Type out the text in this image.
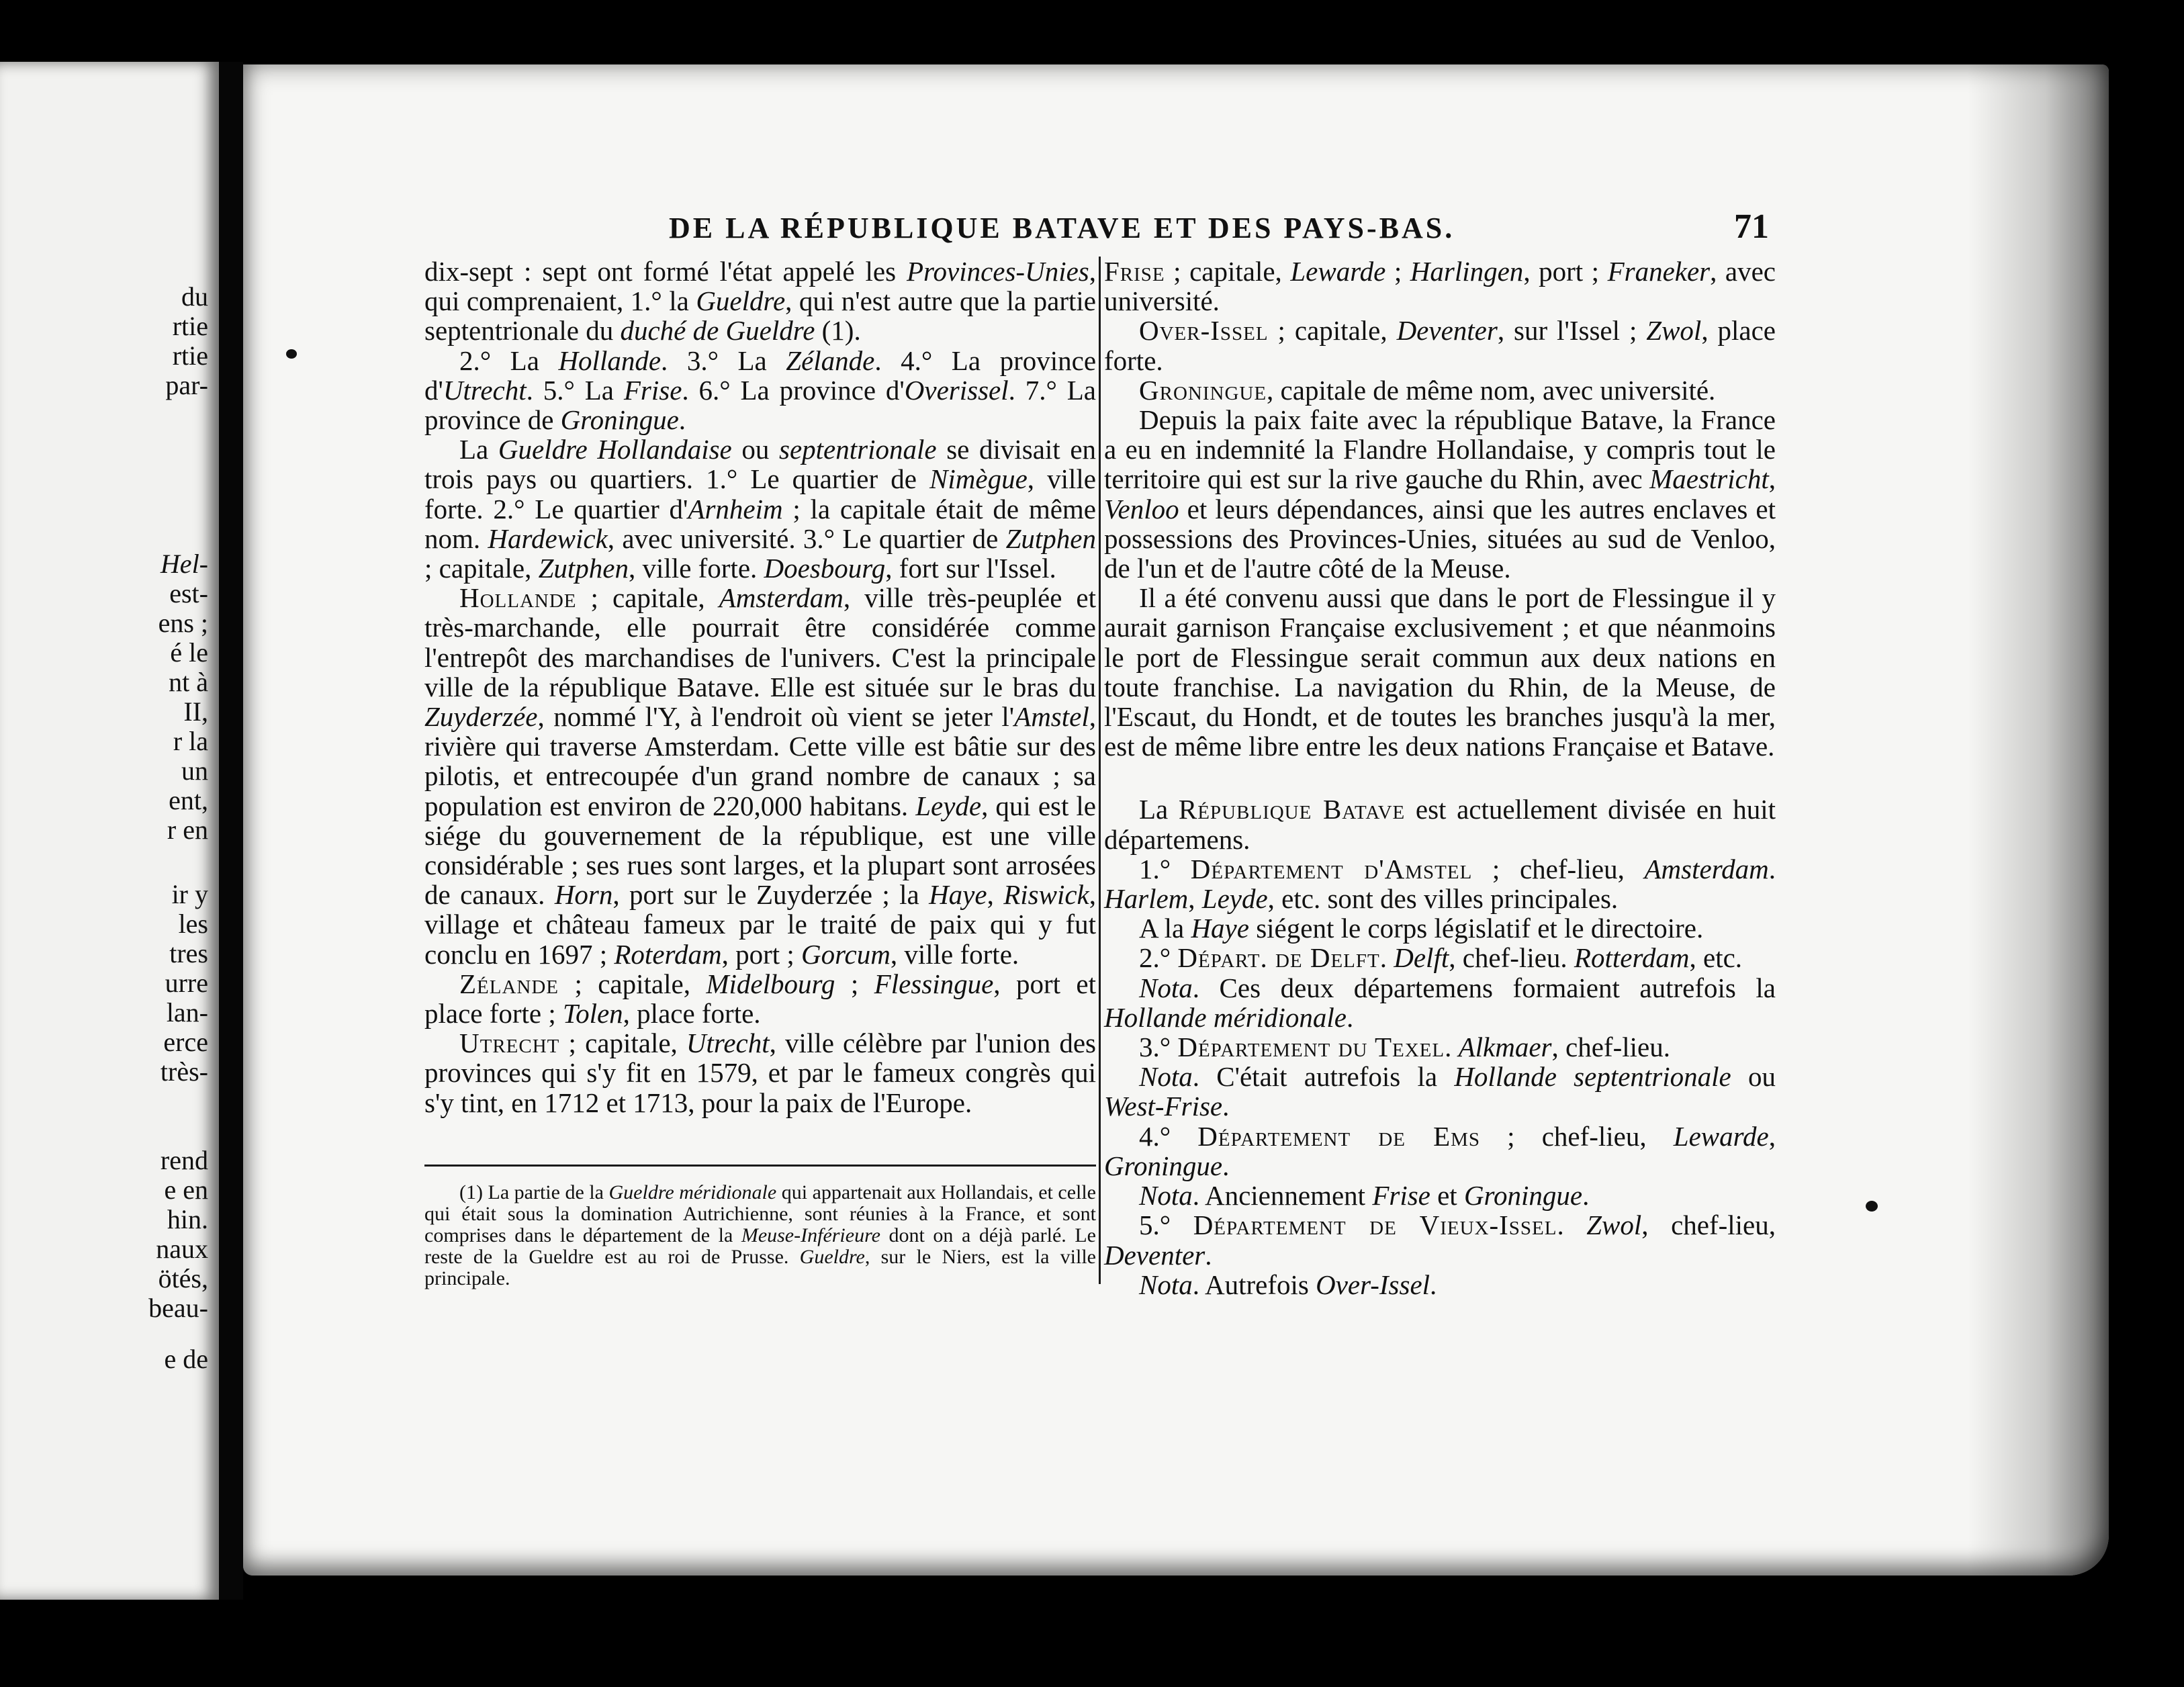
du
rtie
rtie
par-
Hel-
est-
ens ;
é le
nt à
II,
r la
un
ent,
r en
ir y
les
tres
urre
lan-
erce
très-
rend
e en
hin.
naux
ötés,
beau-
e de
DE LA RÉPUBLIQUE BATAVE ET DES PAYS-BAS.	71

dix-sept : sept ont formé l'état appelé les Provinces-Unies, qui comprenaient, 1.° la Gueldre, qui n'est autre que la partie septentrionale du duché de Gueldre (1).

2.° La Hollande. 3.° La Zélande. 4.° La province d'Utrecht. 5.° La Frise. 6.° La province d'Overissel. 7.° La province de Groningue.

La Gueldre Hollandaise ou septentrionale se divisait en trois pays ou quartiers. 1.° Le quartier de Nimègue, ville forte. 2.° Le quartier d'Arnheim ; la capitale était de même nom. Hardewick, avec université. 3.° Le quartier de Zutphen ; capitale, Zutphen, ville forte. Doesbourg, fort sur l'Issel.

Hollande ; capitale, Amsterdam, ville très-peuplée et très-marchande, elle pourrait être considérée comme l'entrepôt des marchandises de l'univers. C'est la principale ville de la république Batave. Elle est située sur le bras du Zuyderzée, nommé l'Y, à l'endroit où vient se jeter l'Amstel, rivière qui traverse Amsterdam. Cette ville est bâtie sur des pilotis, et entrecoupée d'un grand nombre de canaux ; sa population est environ de 220,000 habitans. Leyde, qui est le siége du gouvernement de la république, est une ville considérable ; ses rues sont larges, et la plupart sont arrosées de canaux. Horn, port sur le Zuyderzée ; la Haye, Riswick, village et château fameux par le traité de paix qui y fut conclu en 1697 ; Roterdam, port ; Gorcum, ville forte.

Zélande ; capitale, Midelbourg ; Flessingue, port et place forte ; Tolen, place forte.

Utrecht ; capitale, Utrecht, ville célèbre par l'union des provinces qui s'y fit en 1579, et par le fameux congrès qui s'y tint, en 1712 et 1713, pour la paix de l'Europe.

(1) La partie de la Gueldre méridionale qui appartenait aux Hollandais, et celle qui était sous la domination Autrichienne, sont réunies à la France, et sont comprises dans le département de la Meuse-Inférieure dont on a déjà parlé. Le reste de la Gueldre est au roi de Prusse. Gueldre, sur le Niers, est la ville principale.

Frise ; capitale, Lewarde ; Harlingen, port ; Franeker, avec université.

Over-Issel ; capitale, Deventer, sur l'Issel ; Zwol, place forte.

Groningue, capitale de même nom, avec université.

Depuis la paix faite avec la république Batave, la France a eu en indemnité la Flandre Hollandaise, y compris tout le territoire qui est sur la rive gauche du Rhin, avec Maestricht, Venloo et leurs dépendances, ainsi que les autres enclaves et possessions des Provinces-Unies, situées au sud de Venloo, de l'un et de l'autre côté de la Meuse.

Il a été convenu aussi que dans le port de Flessingue il y aurait garnison Française exclusivement ; et que néanmoins le port de Flessingue serait commun aux deux nations en toute franchise. La navigation du Rhin, de la Meuse, de l'Escaut, du Hondt, et de toutes les branches jusqu'à la mer, est de même libre entre les deux nations Française et Batave.

La République Batave est actuellement divisée en huit départemens.

1.° Département d'Amstel ; chef-lieu, Amsterdam. Harlem, Leyde, etc. sont des villes principales.

A la Haye siégent le corps législatif et le directoire.

2.° Départ. de Delft. Delft, chef-lieu. Rotterdam, etc.

Nota. Ces deux départemens formaient autrefois la Hollande méridionale.

3.° Département du Texel. Alkmaer, chef-lieu.

Nota. C'était autrefois la Hollande septentrionale ou West-Frise.

4.° Département de Ems ; chef-lieu, Lewarde, Groningue.

Nota. Anciennement Frise et Groningue.

5.° Département de Vieux-Issel. Zwol, chef-lieu, Deventer.

Nota. Autrefois Over-Issel.
